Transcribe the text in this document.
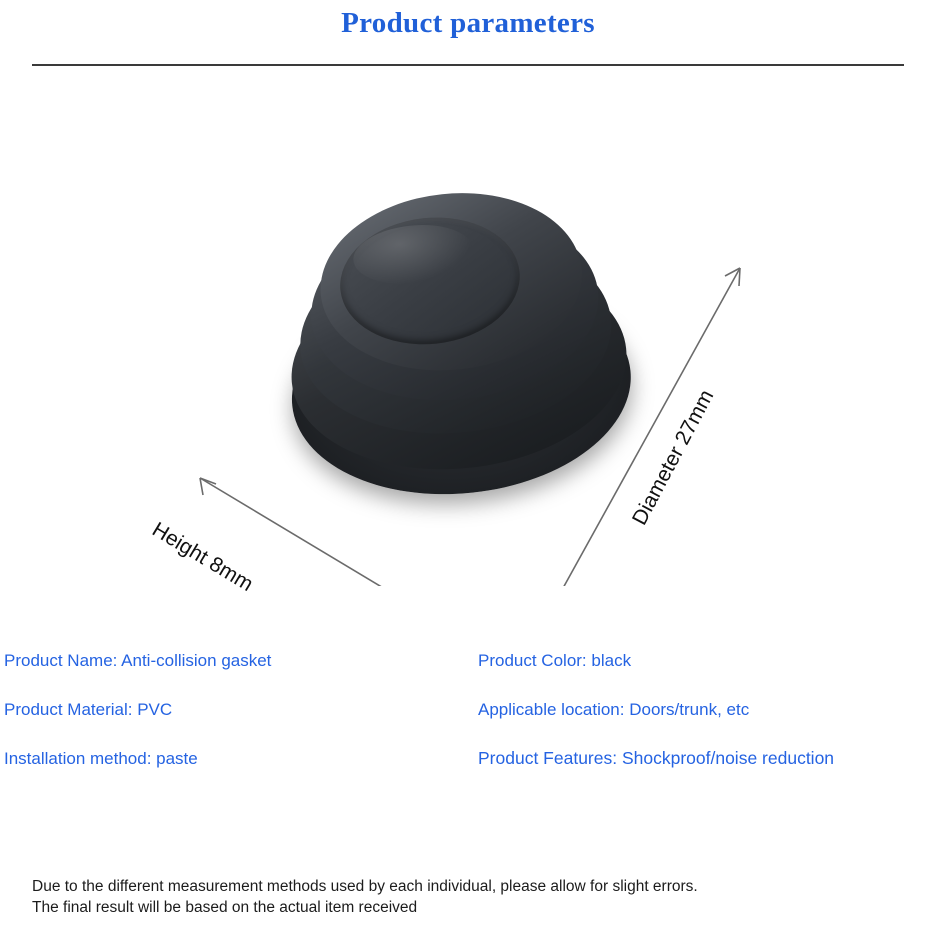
Product parameters
Height 8mm
Diameter 27mm
Product Name: Anti-collision gasket
Product Material: PVC
Installation method: paste
Product Color: black
Applicable location: Doors/trunk, etc
Product Features: Shockproof/noise reduction
Due to the different measurement methods used by each individual, please allow for slight errors.
The final result will be based on the actual item received
